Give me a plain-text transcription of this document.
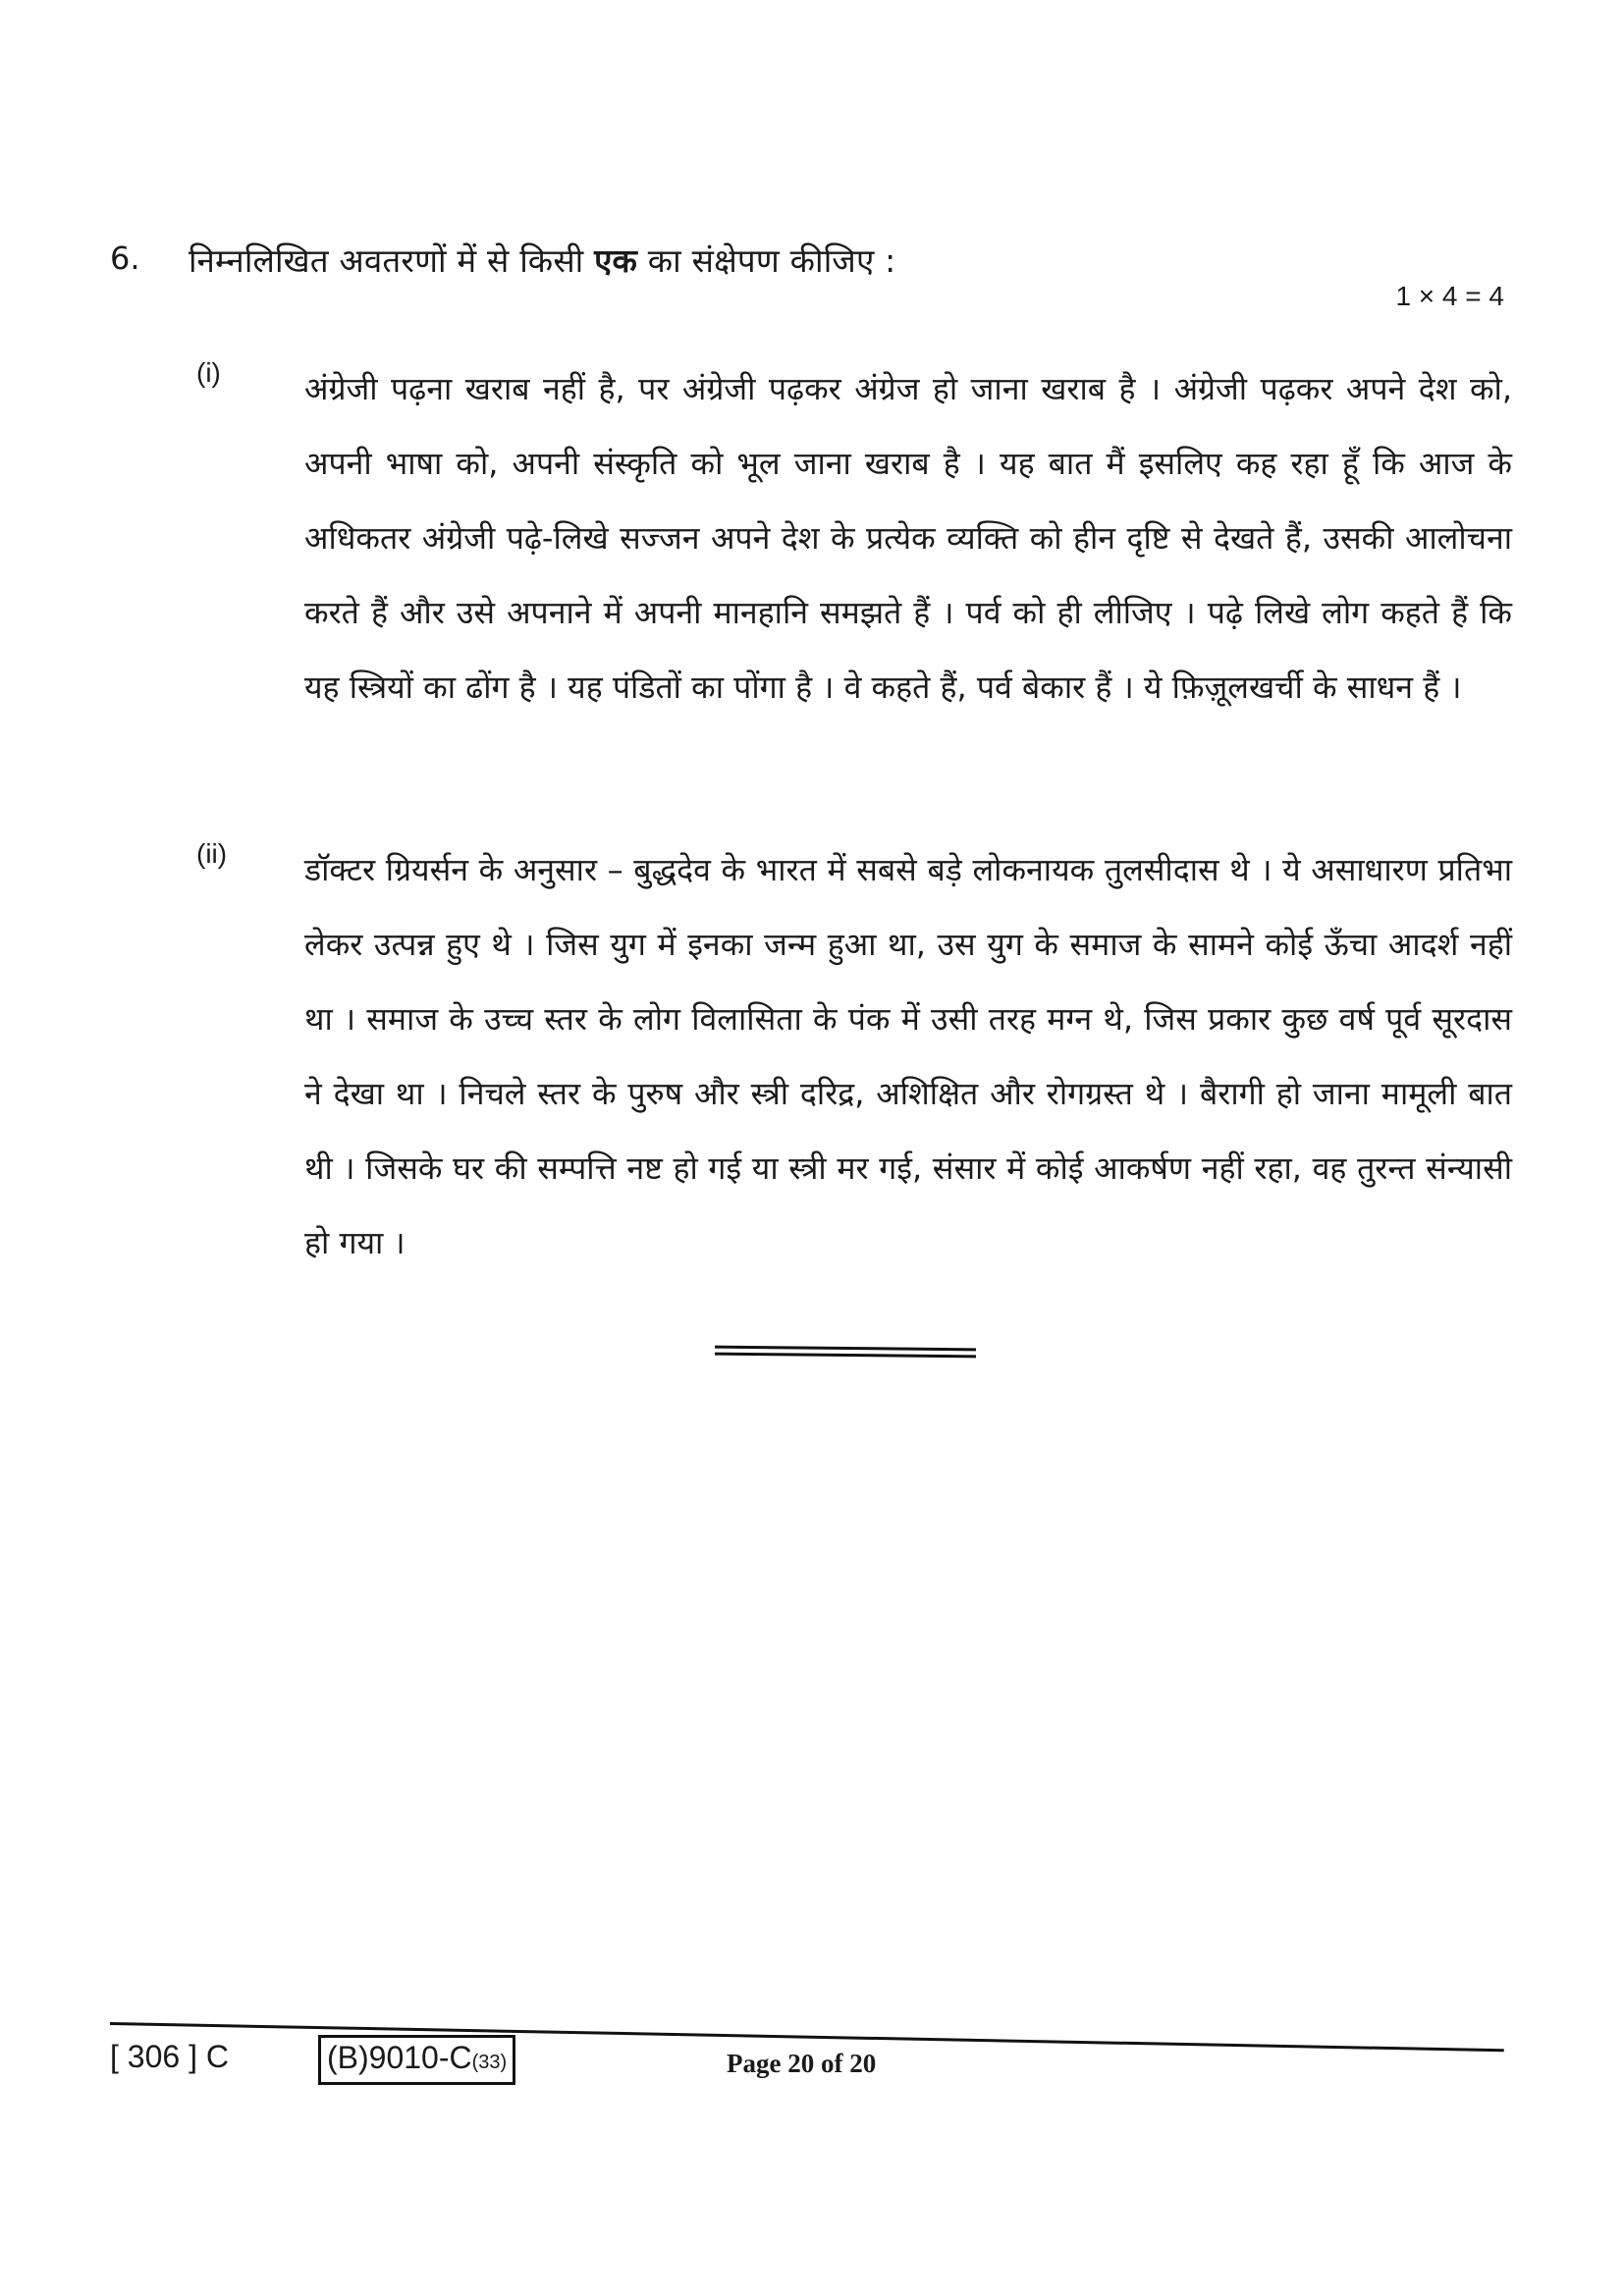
6. निम्नलिखित अवतरणों में से किसी एक का संक्षेपण कीजिए :
1 × 4 = 4
(i)	अंग्रेजी पढ़ना खराब नहीं है, पर अंग्रेजी पढ़कर अंग्रेज हो जाना खराब है । अंग्रेजी पढ़कर अपने देश को, अपनी भाषा को, अपनी संस्कृति को भूल जाना खराब है । यह बात मैं इसलिए कह रहा हूँ कि आज के अधिकतर अंग्रेजी पढ़े-लिखे सज्जन अपने देश के प्रत्येक व्यक्ति को हीन दृष्टि से देखते हैं, उसकी आलोचना करते हैं और उसे अपनाने में अपनी मानहानि समझते हैं । पर्व को ही लीजिए । पढ़े लिखे लोग कहते हैं कि यह स्त्रियों का ढोंग है । यह पंडितों का पोंगा है । वे कहते हैं, पर्व बेकार हैं । ये फ़िज़ूलखर्ची के साधन हैं ।
(ii) डॉक्टर ग्रियर्सन के अनुसार – बुद्धदेव के भारत में सबसे बड़े लोकनायक तुलसीदास थे । ये असाधारण प्रतिभा लेकर उत्पन्न हुए थे । जिस युग में इनका जन्म हुआ था, उस युग के समाज के सामने कोई ऊँचा आदर्श नहीं था । समाज के उच्च स्तर के लोग विलासिता के पंक में उसी तरह मग्न थे, जिस प्रकार कुछ वर्ष पूर्व सूरदास ने देखा था । निचले स्तर के पुरुष और स्त्री दरिद्र, अशिक्षित और रोगग्रस्त थे । बैरागी हो जाना मामूली बात थी । जिसके घर की सम्पत्ति नष्ट हो गई या स्त्री मर गई, संसार में कोई आकर्षण नहीं रहा, वह तुरन्त संन्यासी हो गया ।
[ 306 ] C	(B)9010-C(33)	Page 20 of 20
